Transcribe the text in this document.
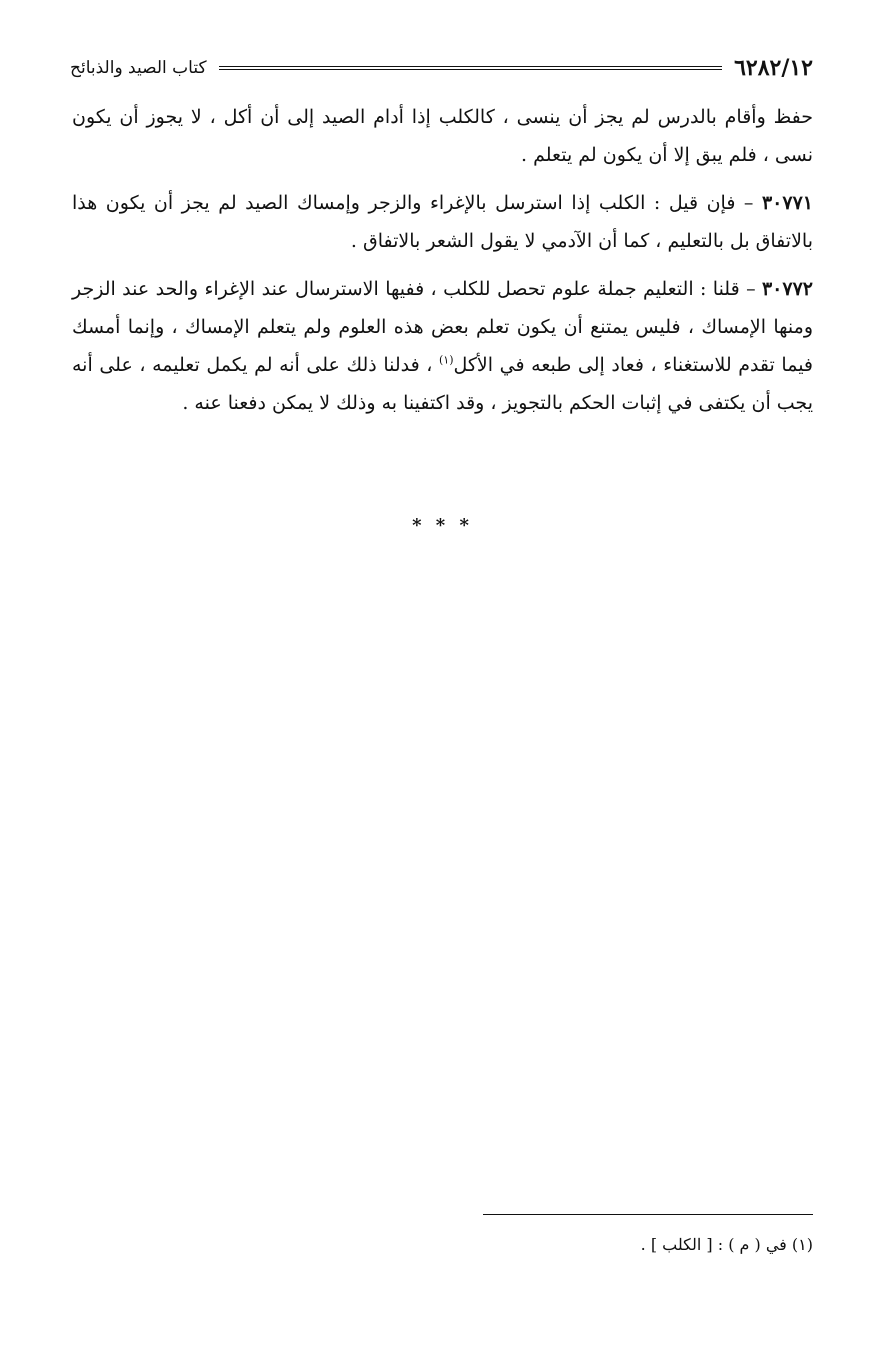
٦٢٨٢/١٢
كتاب الصيد والذبائح

حفظ وأقام بالدرس لم يجز أن ينسى ، كالكلب إذا أدام الصيد إلى أن أكل ، لا يجوز أن يكون نسى ، فلم يبق إلا أن يكون لم يتعلم .

٣٠٧٧١ – فإن قيل : الكلب إذا استرسل بالإغراء والزجر وإمساك الصيد لم يجز أن يكون هذا بالاتفاق بل بالتعليم ، كما أن الآدمي لا يقول الشعر بالاتفاق .

٣٠٧٧٢ – قلنا : التعليم جملة علوم تحصل للكلب ، ففيها الاسترسال عند الإغراء والحد عند الزجر ومنها الإمساك ، فليس يمتنع أن يكون تعلم بعض هذه العلوم ولم يتعلم الإمساك ، وإنما أمسك فيما تقدم للاستغناء ، فعاد إلى طبعه في الأكل$^{(١)}$ ، فدلنا ذلك على أنه لم يكمل تعليمه ، على أنه يجب أن يكتفى في إثبات الحكم بالتجويز ، وقد اكتفينا به وذلك لا يمكن دفعنا عنه .

* * *
(١) في ( م ) : [ الكلب ] .
